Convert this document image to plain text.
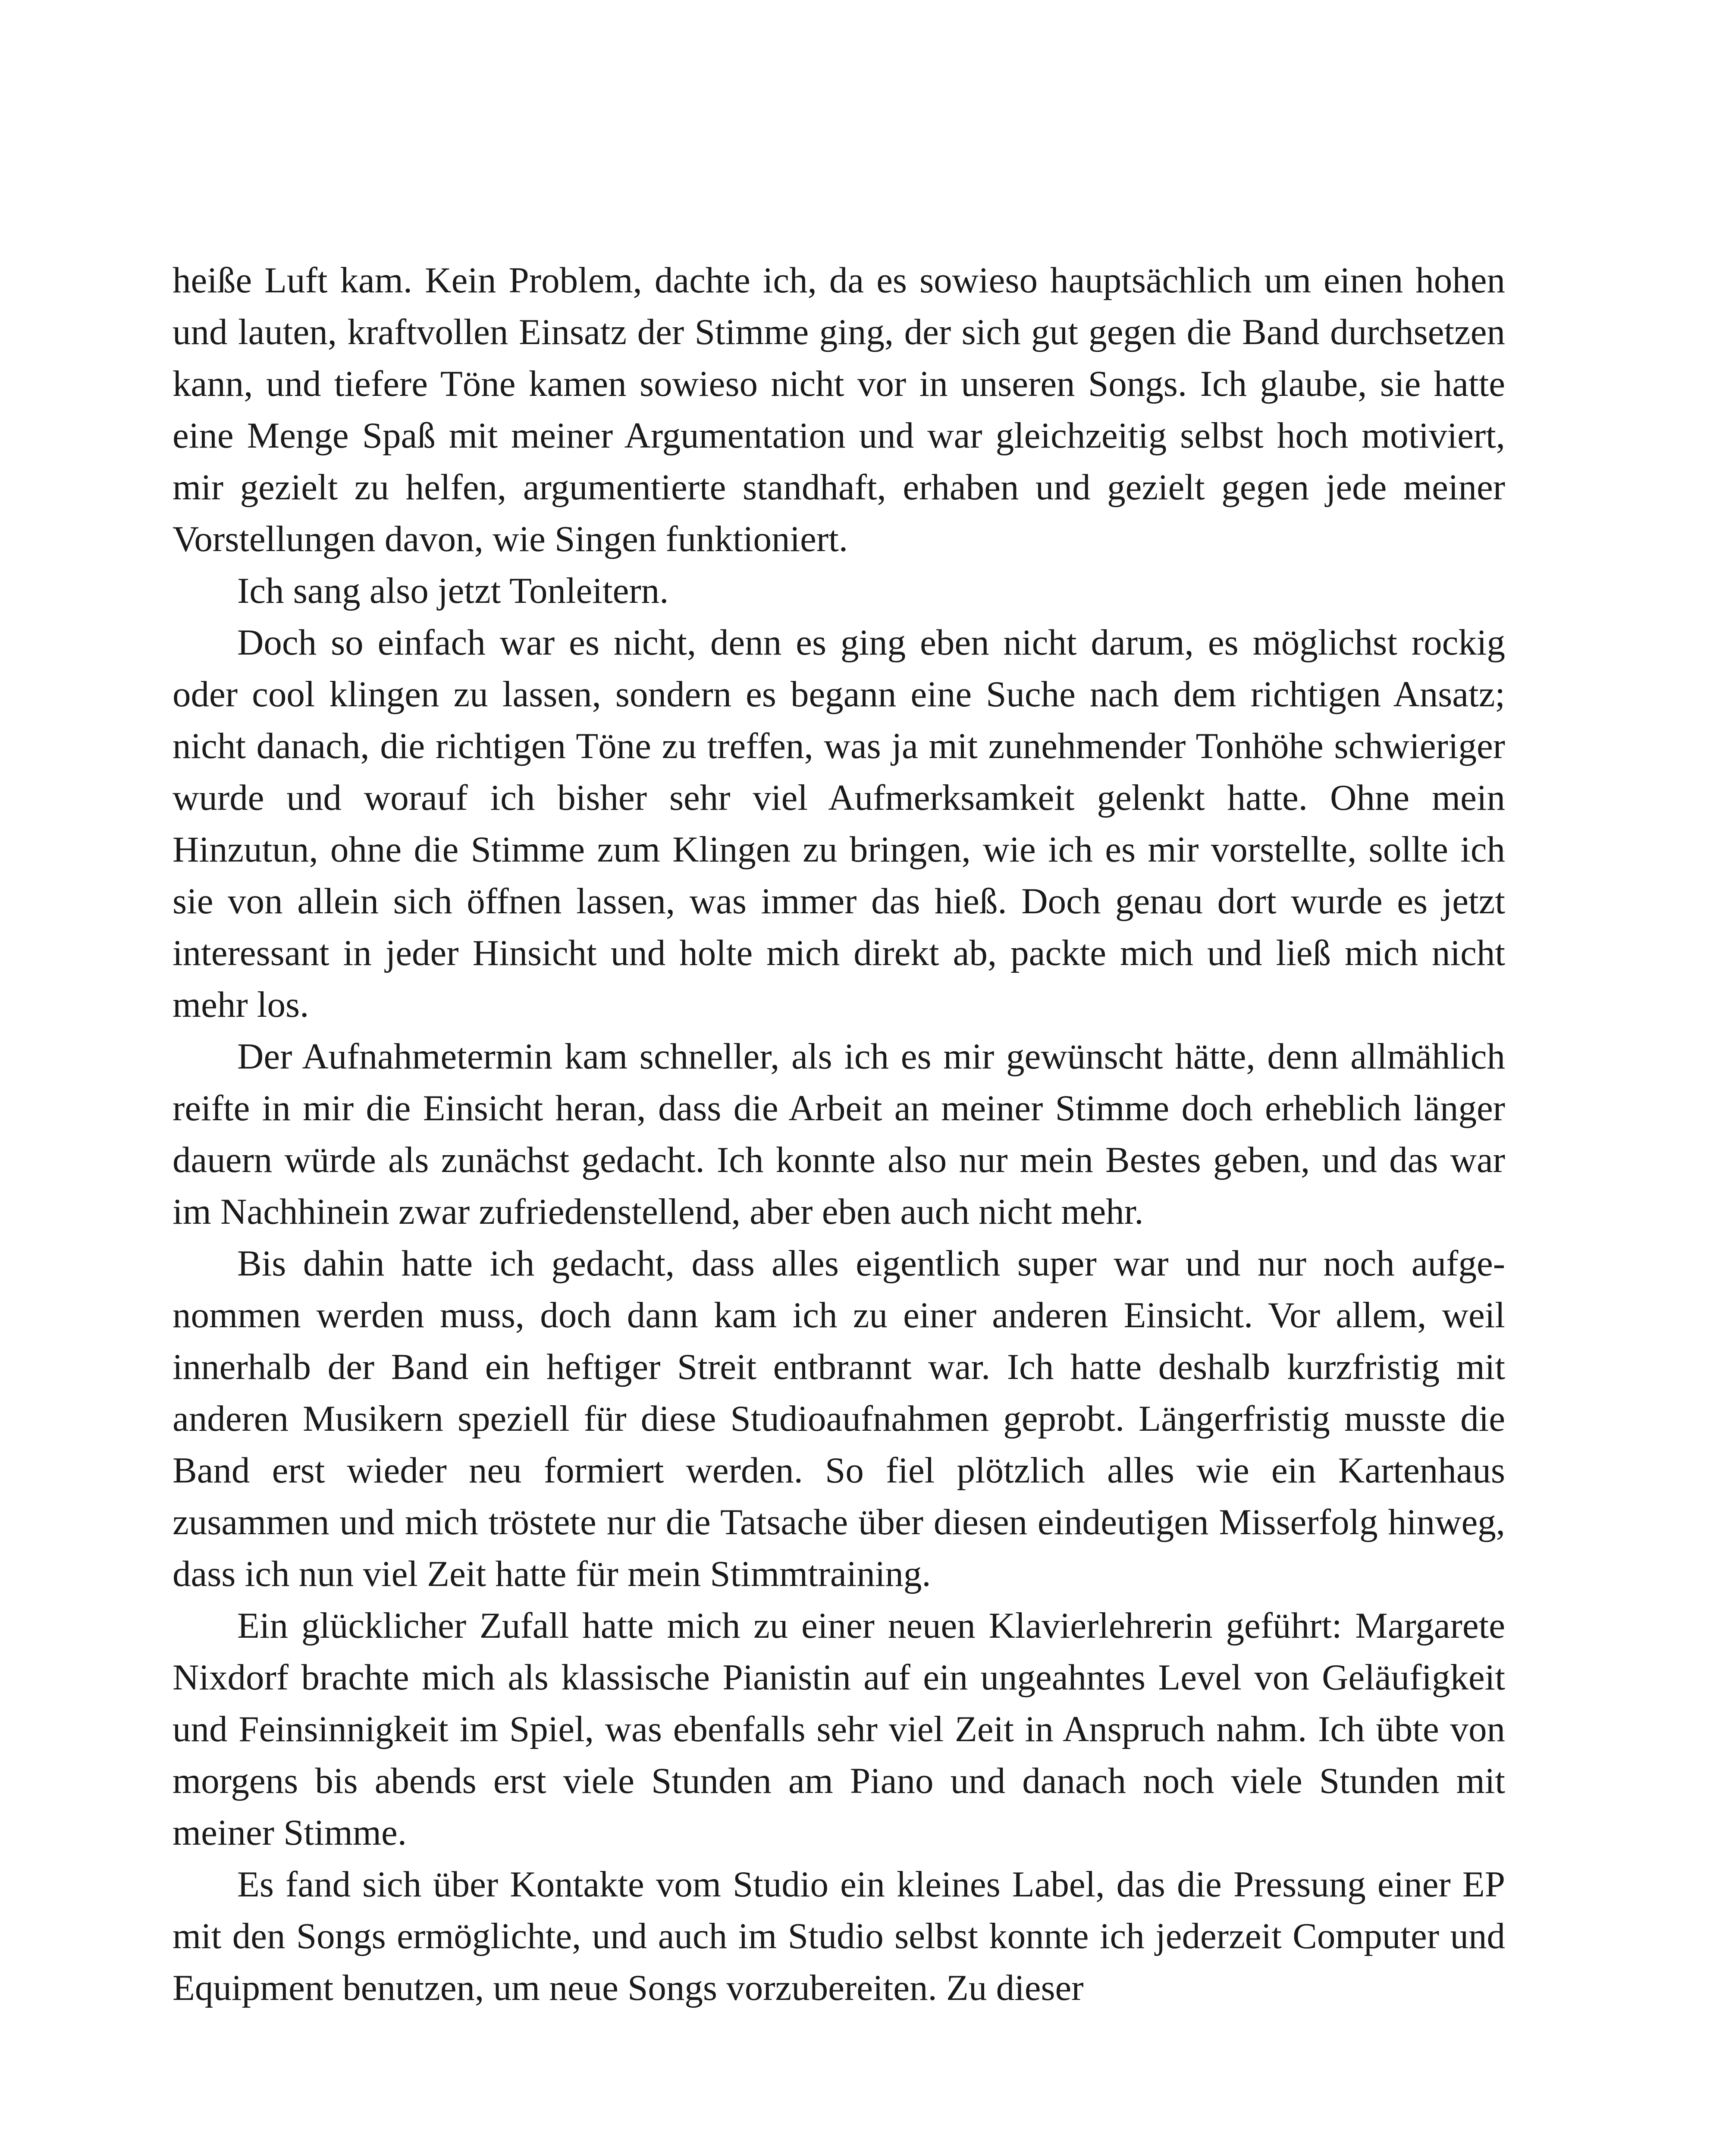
heiße Luft kam. Kein Problem, dachte ich, da es sowieso hauptsächlich um einen hohen und lauten, kraftvollen Einsatz der Stimme ging, der sich gut gegen die Band durchsetzen kann, und tiefere Töne kamen sowieso nicht vor in unseren Songs. Ich glaube, sie hatte eine Menge Spaß mit meiner Argumentation und war gleichzeitig selbst hoch motiviert, mir gezielt zu helfen, argumentierte standhaft, erhaben und gezielt gegen jede meiner Vorstellungen davon, wie Singen funktioniert.

Ich sang also jetzt Tonleitern.

Doch so einfach war es nicht, denn es ging eben nicht darum, es möglichst rockig oder cool klingen zu lassen, sondern es begann eine Suche nach dem richtigen Ansatz; nicht danach, die richtigen Töne zu treffen, was ja mit zunehmender Tonhöhe schwieriger wurde und worauf ich bisher sehr viel Aufmerksamkeit gelenkt hatte. Ohne mein Hinzutun, ohne die Stimme zum Klingen zu bringen, wie ich es mir vorstellte, sollte ich sie von allein sich öffnen lassen, was immer das hieß. Doch genau dort wurde es jetzt interessant in jeder Hinsicht und holte mich direkt ab, packte mich und ließ mich nicht mehr los.

Der Aufnahmetermin kam schneller, als ich es mir gewünscht hätte, denn allmählich reifte in mir die Einsicht heran, dass die Arbeit an meiner Stimme doch erheblich länger dauern würde als zunächst gedacht. Ich konnte also nur mein Bestes geben, und das war im Nachhinein zwar zufriedenstellend, aber eben auch nicht mehr.

Bis dahin hatte ich gedacht, dass alles eigentlich super war und nur noch aufgenommen werden muss, doch dann kam ich zu einer anderen Einsicht. Vor allem, weil innerhalb der Band ein heftiger Streit entbrannt war. Ich hatte deshalb kurzfristig mit anderen Musikern speziell für diese Studioaufnahmen geprobt. Längerfristig musste die Band erst wieder neu formiert werden. So fiel plötzlich alles wie ein Kartenhaus zusammen und mich tröstete nur die Tatsache über diesen eindeutigen Misserfolg hinweg, dass ich nun viel Zeit hatte für mein Stimmtraining.

Ein glücklicher Zufall hatte mich zu einer neuen Klavierlehrerin geführt: Margarete Nixdorf brachte mich als klassische Pianistin auf ein ungeahntes Level von Geläufigkeit und Feinsinnigkeit im Spiel, was ebenfalls sehr viel Zeit in Anspruch nahm. Ich übte von morgens bis abends erst viele Stunden am Piano und danach noch viele Stunden mit meiner Stimme.

Es fand sich über Kontakte vom Studio ein kleines Label, das die Pressung einer EP mit den Songs ermöglichte, und auch im Studio selbst konnte ich jederzeit Computer und Equipment benutzen, um neue Songs vorzubereiten. Zu dieser
